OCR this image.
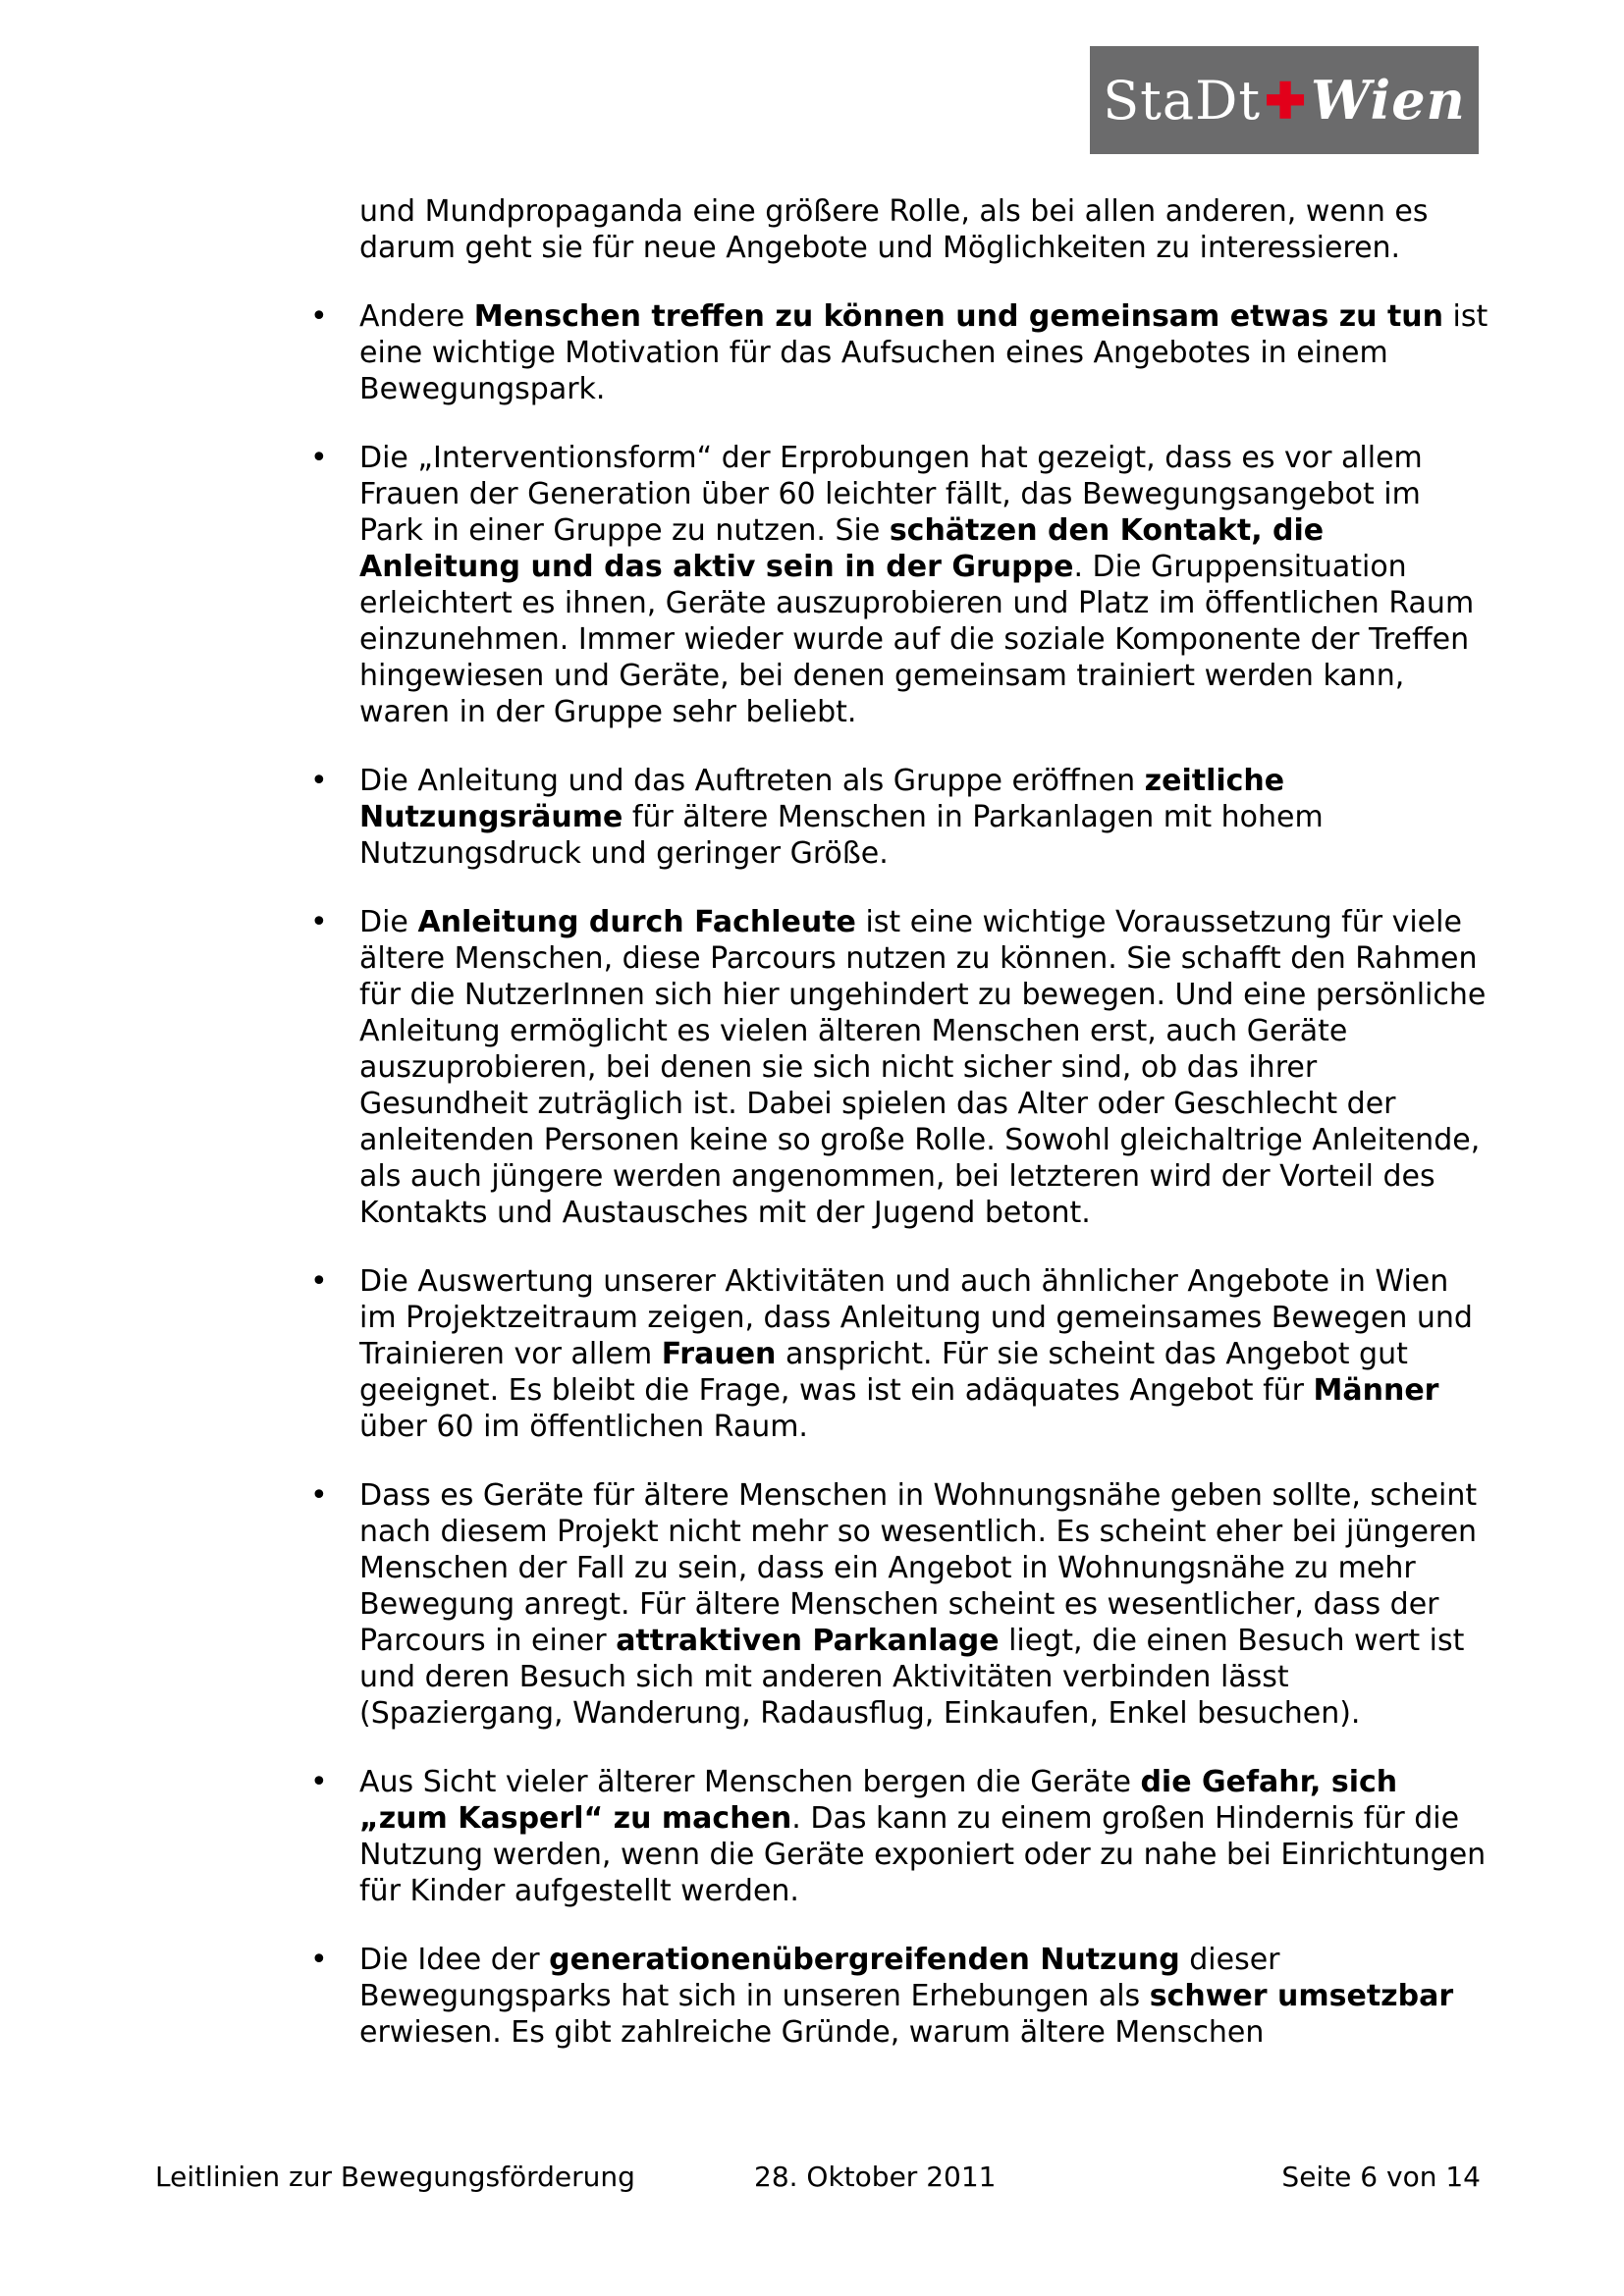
StaDt ✚ Wien
und Mundpropaganda eine größere Rolle, als bei allen anderen, wenn es darum geht sie für neue Angebote und Möglichkeiten zu interessieren.
• Andere Menschen treffen zu können und gemeinsam etwas zu tun ist eine wichtige Motivation für das Aufsuchen eines Angebotes in einem Bewegungspark.
• Die „Interventionsform“ der Erprobungen hat gezeigt, dass es vor allem Frauen der Generation über 60 leichter fällt, das Bewegungsangebot im Park in einer Gruppe zu nutzen. Sie schätzen den Kontakt, die Anleitung und das aktiv sein in der Gruppe. Die Gruppensituation erleichtert es ihnen, Geräte auszuprobieren und Platz im öffentlichen Raum einzunehmen. Immer wieder wurde auf die soziale Komponente der Treffen hingewiesen und Geräte, bei denen gemeinsam trainiert werden kann, waren in der Gruppe sehr beliebt.
• Die Anleitung und das Auftreten als Gruppe eröffnen zeitliche Nutzungsräume für ältere Menschen in Parkanlagen mit hohem Nutzungsdruck und geringer Größe.
• Die Anleitung durch Fachleute ist eine wichtige Voraussetzung für viele ältere Menschen, diese Parcours nutzen zu können. Sie schafft den Rahmen für die NutzerInnen sich hier ungehindert zu bewegen. Und eine persönliche Anleitung ermöglicht es vielen älteren Menschen erst, auch Geräte auszuprobieren, bei denen sie sich nicht sicher sind, ob das ihrer Gesundheit zuträglich ist. Dabei spielen das Alter oder Geschlecht der anleitenden Personen keine so große Rolle. Sowohl gleichaltrige Anleitende, als auch jüngere werden angenommen, bei letzteren wird der Vorteil des Kontakts und Austausches mit der Jugend betont.
• Die Auswertung unserer Aktivitäten und auch ähnlicher Angebote in Wien im Projektzeitraum zeigen, dass Anleitung und gemeinsames Bewegen und Trainieren vor allem Frauen anspricht. Für sie scheint das Angebot gut geeignet. Es bleibt die Frage, was ist ein adäquates Angebot für Männer über 60 im öffentlichen Raum.
• Dass es Geräte für ältere Menschen in Wohnungsnähe geben sollte, scheint nach diesem Projekt nicht mehr so wesentlich. Es scheint eher bei jüngeren Menschen der Fall zu sein, dass ein Angebot in Wohnungsnähe zu mehr Bewegung anregt. Für ältere Menschen scheint es wesentlicher, dass der Parcours in einer attraktiven Parkanlage liegt, die einen Besuch wert ist und deren Besuch sich mit anderen Aktivitäten verbinden lässt (Spaziergang, Wanderung, Radausflug, Einkaufen, Enkel besuchen).
• Aus Sicht vieler älterer Menschen bergen die Geräte die Gefahr, sich „zum Kasperl“ zu machen. Das kann zu einem großen Hindernis für die Nutzung werden, wenn die Geräte exponiert oder zu nahe bei Einrichtungen für Kinder aufgestellt werden.
• Die Idee der generationenübergreifenden Nutzung dieser Bewegungsparks hat sich in unseren Erhebungen als schwer umsetzbar erwiesen. Es gibt zahlreiche Gründe, warum ältere Menschen
Leitlinien zur Bewegungsförderung	28. Oktober 2011	Seite 6 von 14
